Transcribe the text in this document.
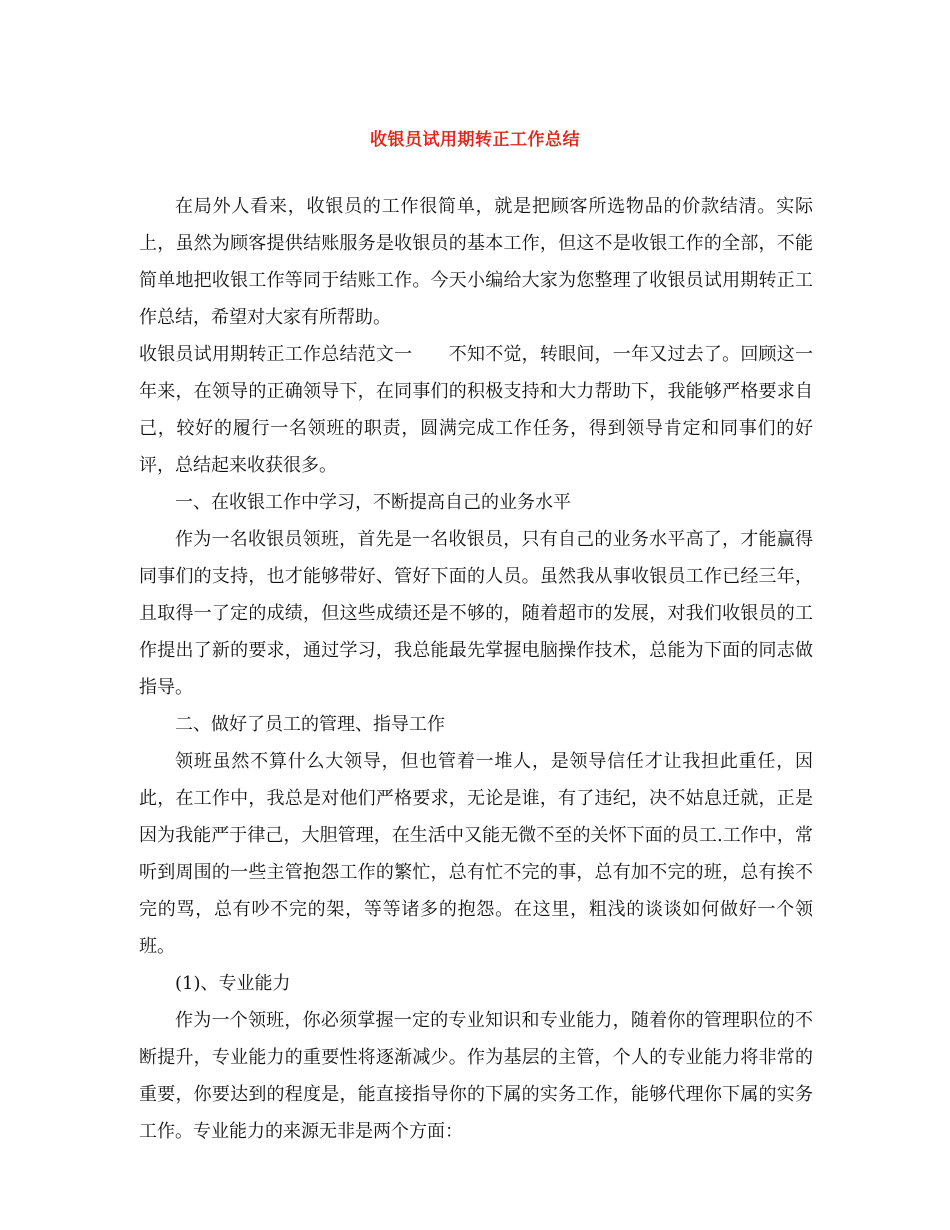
收银员试用期转正工作总结

在局外人看来，收银员的工作很简单，就是把顾客所选物品的价款结清。实际上，虽然为顾客提供结账服务是收银员的基本工作，但这不是收银工作的全部，不能简单地把收银工作等同于结账工作。今天小编给大家为您整理了收银员试用期转正工作总结，希望对大家有所帮助。

收银员试用期转正工作总结范文一　　不知不觉，转眼间，一年又过去了。回顾这一年来，在领导的正确领导下，在同事们的积极支持和大力帮助下，我能够严格要求自己，较好的履行一名领班的职责，圆满完成工作任务，得到领导肯定和同事们的好评，总结起来收获很多。

一、在收银工作中学习，不断提高自己的业务水平

作为一名收银员领班，首先是一名收银员，只有自己的业务水平高了，才能赢得同事们的支持，也才能够带好、管好下面的人员。虽然我从事收银员工作已经三年，且取得一了定的成绩，但这些成绩还是不够的，随着超市的发展，对我们收银员的工作提出了新的要求，通过学习，我总能最先掌握电脑操作技术，总能为下面的同志做指导。

二、做好了员工的管理、指导工作

领班虽然不算什么大领导，但也管着一堆人，是领导信任才让我担此重任，因此，在工作中，我总是对他们严格要求，无论是谁，有了违纪，决不姑息迁就，正是因为我能严于律己，大胆管理，在生活中又能无微不至的关怀下面的员工.工作中，常听到周围的一些主管抱怨工作的繁忙，总有忙不完的事，总有加不完的班，总有挨不完的骂，总有吵不完的架，等等诸多的抱怨。在这里，粗浅的谈谈如何做好一个领班。

(1)、专业能力

作为一个领班，你必须掌握一定的专业知识和专业能力，随着你的管理职位的不断提升，专业能力的重要性将逐渐减少。作为基层的主管，个人的专业能力将非常的重要，你要达到的程度是，能直接指导你的下属的实务工作，能够代理你下属的实务工作。专业能力的来源无非是两个方面：
